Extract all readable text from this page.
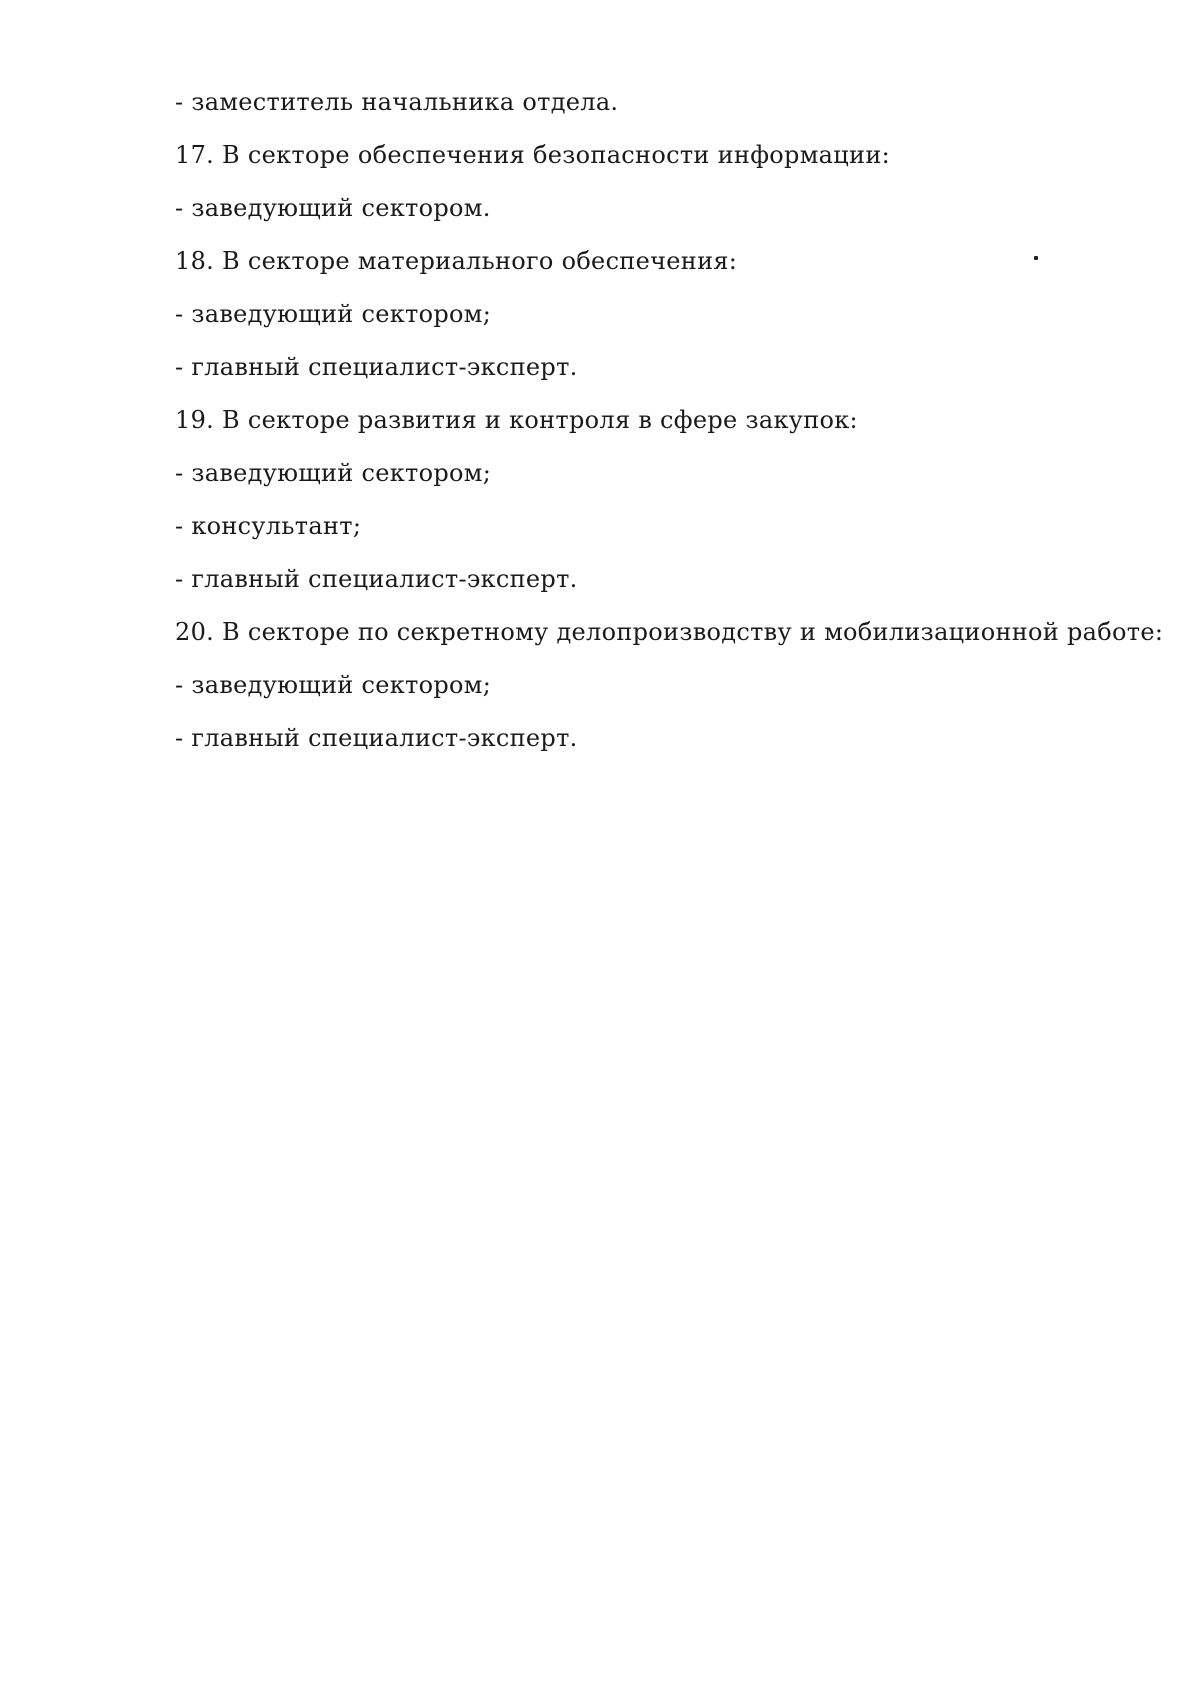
- заместитель начальника отдела.
17. В секторе обеспечения безопасности информации:
- заведующий сектором.
18. В секторе материального обеспечения:
- заведующий сектором;
- главный специалист-эксперт.
19. В секторе развития и контроля в сфере закупок:
- заведующий сектором;
- консультант;
- главный специалист-эксперт.
20. В секторе по секретному делопроизводству и мобилизационной работе:
- заведующий сектором;
- главный специалист-эксперт.
